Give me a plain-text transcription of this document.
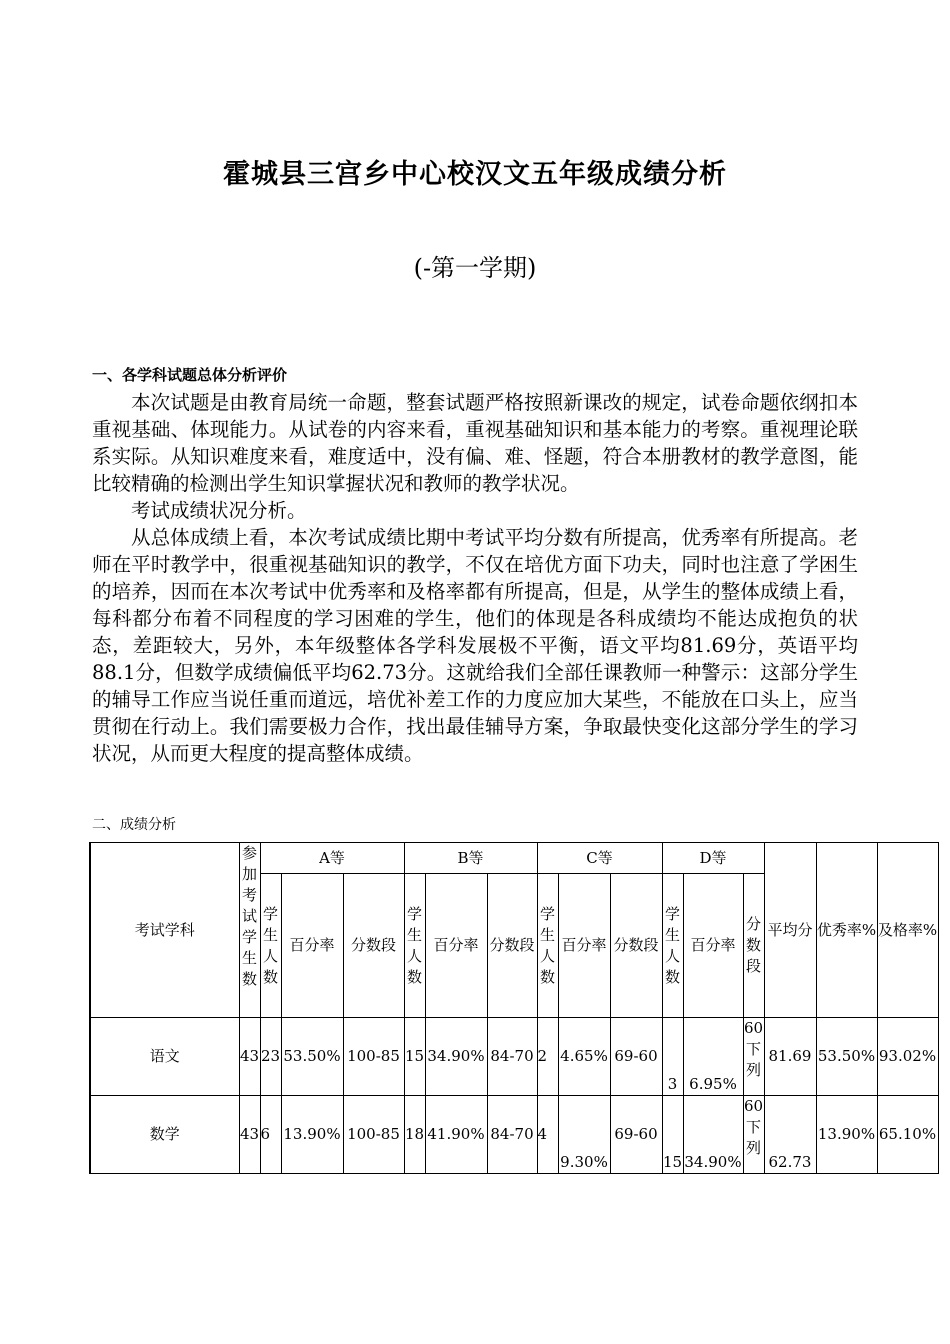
霍城县三宫乡中心校汉文五年级成绩分析
(-第一学期)
一、各学科试题总体分析评价

本次试题是由教育局统一命题，整套试题严格按照新课改的规定，试卷命题依纲扣本重视基础、体现能力。从试卷的内容来看，重视基础知识和基本能力的考察。重视理论联系实际。从知识难度来看，难度适中，没有偏、难、怪题，符合本册教材的教学意图，能比较精确的检测出学生知识掌握状况和教师的教学状况。

考试成绩状况分析。

从总体成绩上看，本次考试成绩比期中考试平均分数有所提高，优秀率有所提高。老师在平时教学中，很重视基础知识的教学，不仅在培优方面下功夫，同时也注意了学困生的培养，因而在本次考试中优秀率和及格率都有所提高，但是，从学生的整体成绩上看，每科都分布着不同程度的学习困难的学生，他们的体现是各科成绩均不能达成抱负的状态，差距较大，另外，本年级整体各学科发展极不平衡，语文平均81.69分，英语平均88.1分，但数学成绩偏低平均62.73分。这就给我们全部任课教师一种警示：这部分学生的辅导工作应当说任重而道远，培优补差工作的力度应加大某些，不能放在口头上，应当贯彻在行动上。我们需要极力合作，找出最佳辅导方案，争取最快变化这部分学生的学习状况，从而更大程度的提高整体成绩。

二、成绩分析
考试学科	参加考试学生数	A等			B等			C等			D等			平均分	优秀率%	及格率%
		学生人数	百分率	分数段	学生人数	百分率	分数段	学生人数	百分率	分数段	学生人数	百分率	分数段			
语文	43	23	53.50%	100-85	15	34.90%	84-70	2	4.65%	69-60	3	6.95%	60下列	81.69	53.50%	93.02%
数学	43	6	13.90%	100-85	18	41.90%	84-70	4	9.30%	69-60	15	34.90%	60下列	62.73	13.90%	65.10%
